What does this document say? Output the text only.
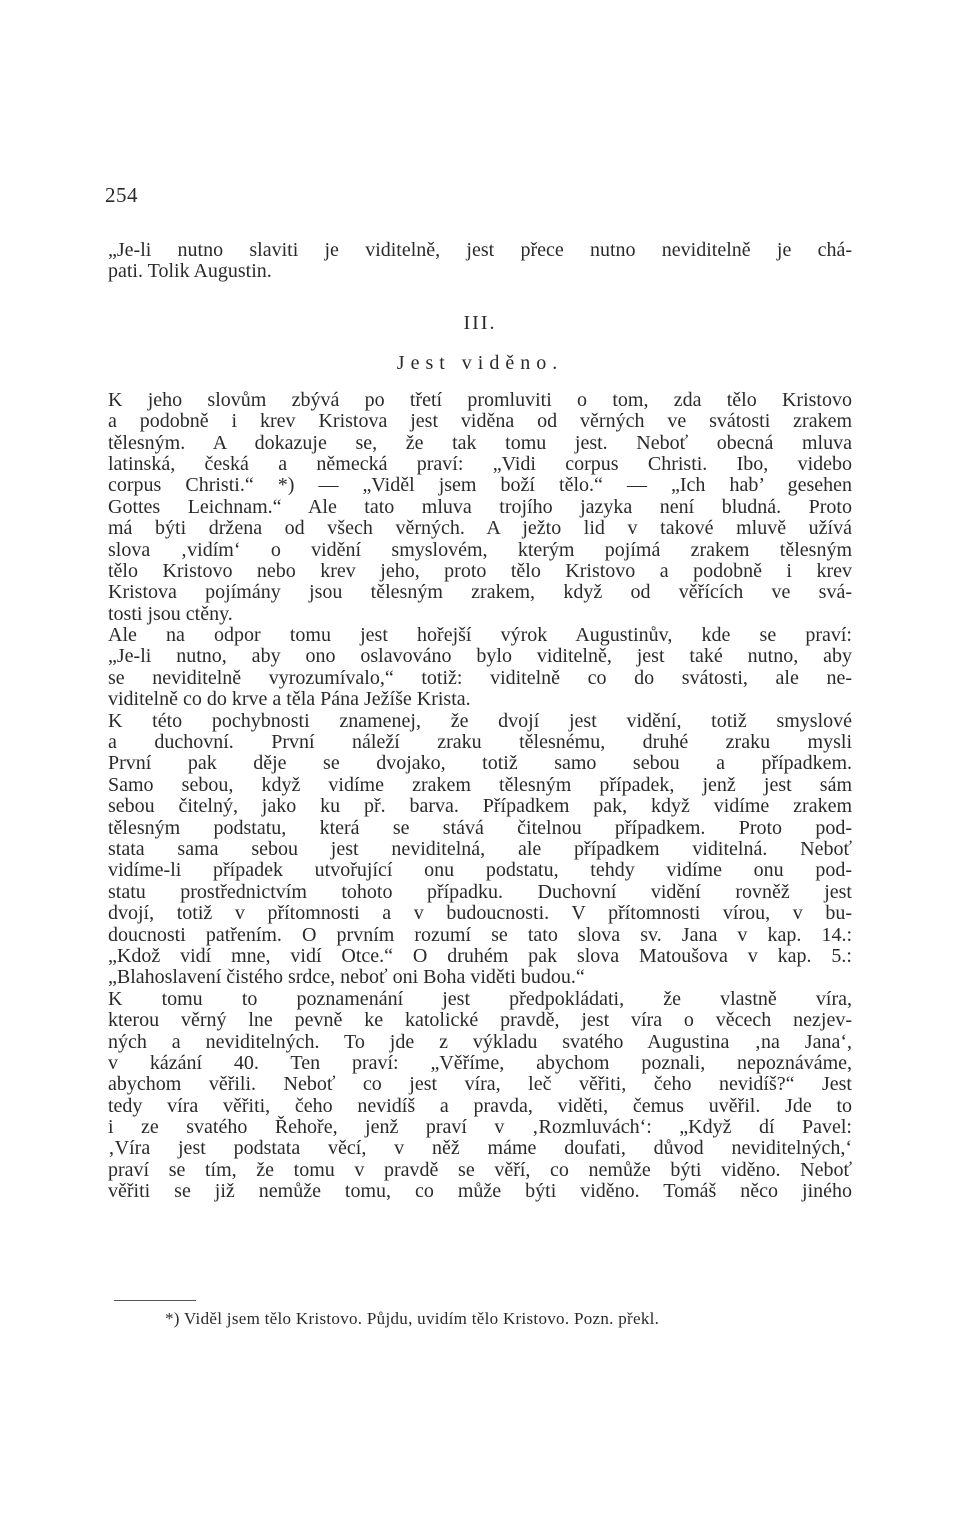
254
„Je-li nutno slaviti je viditelně, jest přece nutno neviditelně je chá-
pati. Tolik Augustin.
III.
Jest viděno.
K jeho slovům zbývá po třetí promluviti o tom, zda tělo Kristovo
a podobně i krev Kristova jest viděna od věrných ve svátosti zrakem
tělesným. A dokazuje se, že tak tomu jest. Neboť obecná mluva
latinská, česká a německá praví: „Vidi corpus Christi. Ibo, videbo
corpus Christi.“ *) — „Viděl jsem boží tělo.“ — „Ich hab’ gesehen
Gottes Leichnam.“ Ale tato mluva trojího jazyka není bludná. Proto
má býti držena od všech věrných. A ježto lid v takové mluvě užívá
slova ‚vidím‘ o vidění smyslovém, kterým pojímá zrakem tělesným
tělo Kristovo nebo krev jeho, proto tělo Kristovo a podobně i krev
Kristova pojímány jsou tělesným zrakem, když od věřících ve svá-
tosti jsou ctěny.
Ale na odpor tomu jest hořejší výrok Augustinův, kde se praví:
„Je-li nutno, aby ono oslavováno bylo viditelně, jest také nutno, aby
se neviditelně vyrozumívalo,“ totiž: viditelně co do svátosti, ale ne-
viditelně co do krve a těla Pána Ježíše Krista.
K této pochybnosti znamenej, že dvojí jest vidění, totiž smyslové
a duchovní. První náleží zraku tělesnému, druhé zraku mysli
První pak děje se dvojako, totiž samo sebou a případkem.
Samo sebou, když vidíme zrakem tělesným případek, jenž jest sám
sebou čitelný, jako ku př. barva. Případkem pak, když vidíme zrakem
tělesným podstatu, která se stává čitelnou případkem. Proto pod-
stata sama sebou jest neviditelná, ale případkem viditelná. Neboť
vidíme-li případek utvořující onu podstatu, tehdy vidíme onu pod-
statu prostřednictvím tohoto případku. Duchovní vidění rovněž jest
dvojí, totiž v přítomnosti a v budoucnosti. V přítomnosti vírou, v bu-
doucnosti patřením. O prvním rozumí se tato slova sv. Jana v kap. 14.:
„Kdož vidí mne, vidí Otce.“ O druhém pak slova Matoušova v kap. 5.:
„Blahoslavení čistého srdce, neboť oni Boha viděti budou.“
K tomu to poznamenání jest předpokládati, že vlastně víra,
kterou věrný lne pevně ke katolické pravdě, jest víra o věcech nezjev-
ných a neviditelných. To jde z výkladu svatého Augustina ‚na Jana‘,
v kázání 40. Ten praví: „Věříme, abychom poznali, nepoznáváme,
abychom věřili. Neboť co jest víra, leč věřiti, čeho nevidíš?“ Jest
tedy víra věřiti, čeho nevidíš a pravda, viděti, čemus uvěřil. Jde to
i ze svatého Řehoře, jenž praví v ‚Rozmluvách‘: „Když dí Pavel:
‚Víra jest podstata věcí, v něž máme doufati, důvod neviditelných,‘
praví se tím, že tomu v pravdě se věří, co nemůže býti viděno. Neboť
věřiti se již nemůže tomu, co může býti viděno. Tomáš něco jiného
*) Viděl jsem tělo Kristovo. Půjdu, uvidím tělo Kristovo. Pozn. překl.
